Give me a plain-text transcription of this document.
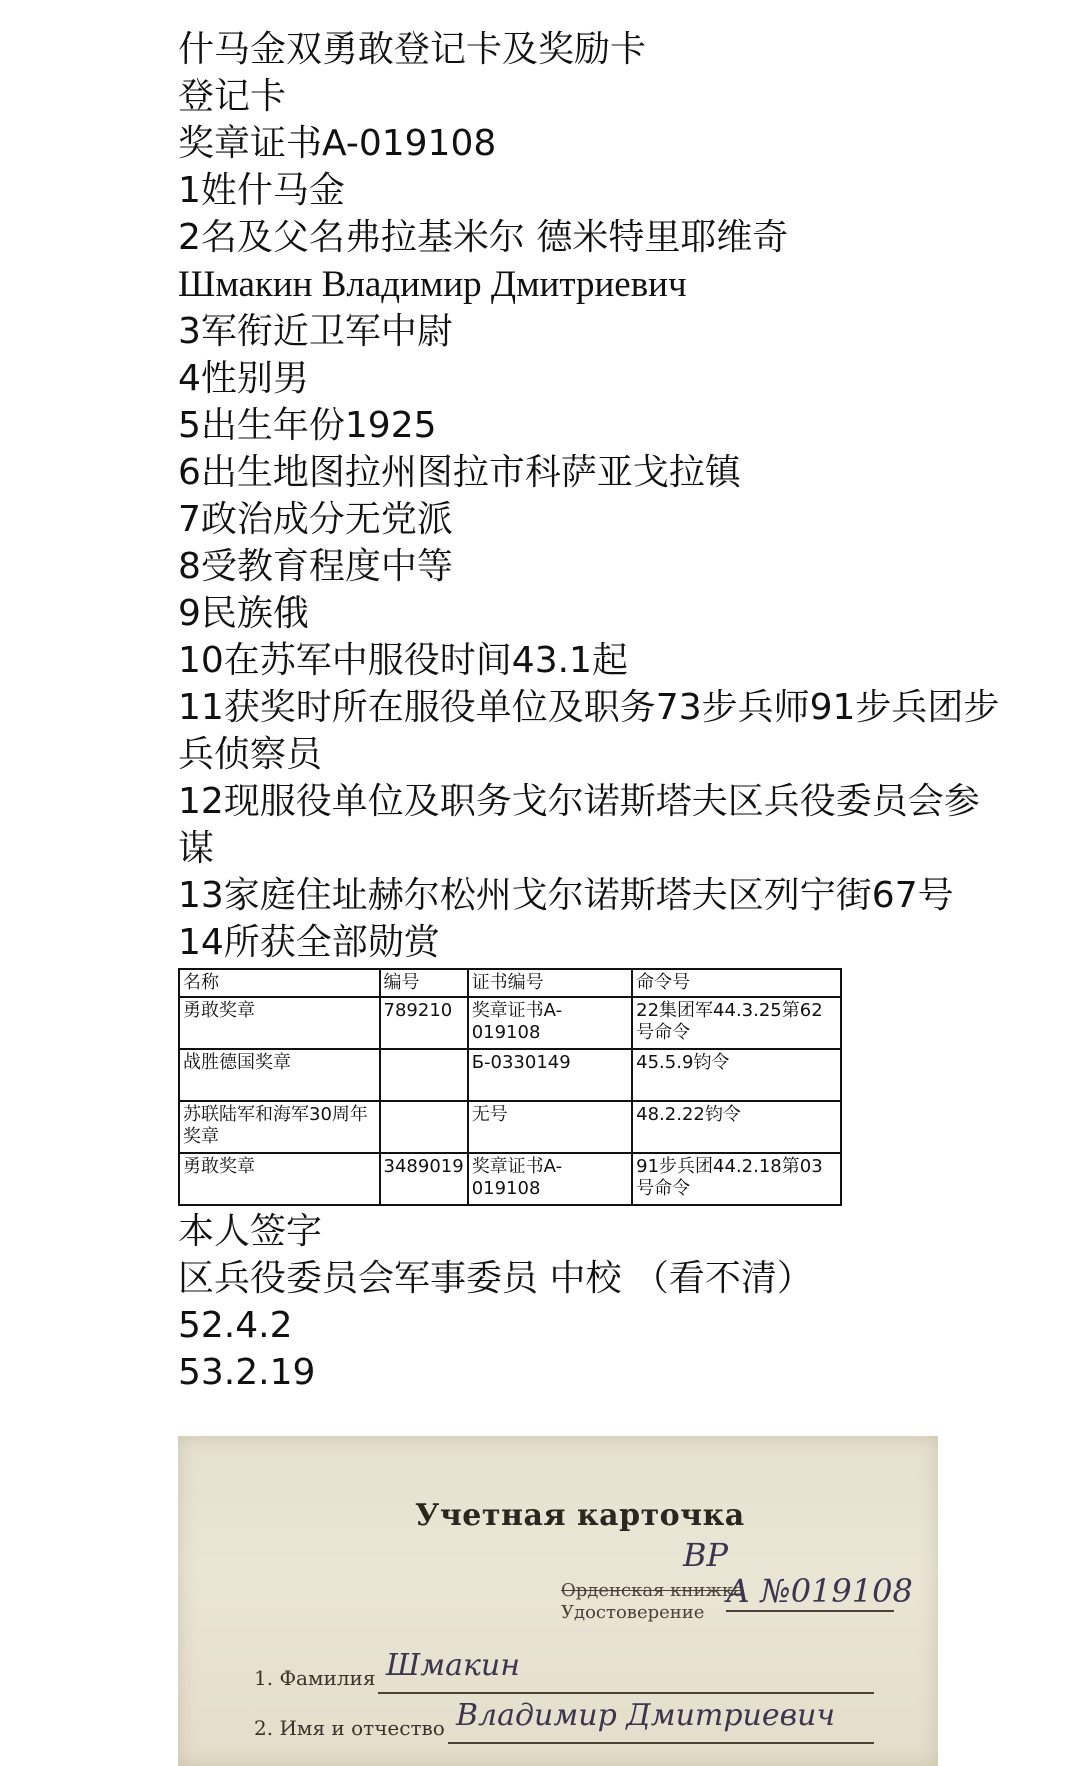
什马金双勇敢登记卡及奖励卡
登记卡
奖章证书A-019108
1姓什马金
2名及父名弗拉基米尔 德米特里耶维奇
Шмакин Владимир Дмитриевич
3军衔近卫军中尉
4性别男
5出生年份1925
6出生地图拉州图拉市科萨亚戈拉镇
7政治成分无党派
8受教育程度中等
9民族俄
10在苏军中服役时间43.1起
11获奖时所在服役单位及职务73步兵师91步兵团步兵侦察员
12现服役单位及职务戈尔诺斯塔夫区兵役委员会参谋
13家庭住址赫尔松州戈尔诺斯塔夫区列宁街67号
14所获全部勋赏
名称	编号	证书编号	命令号
勇敢奖章	789210	奖章证书A-019108	22集团军44.3.25第62号命令
战胜德国奖章		Б-0330149	45.5.9钧令
苏联陆军和海军30周年奖章		无号	48.2.22钧令
勇敢奖章	3489019	奖章证书A-019108	91步兵团44.2.18第03号命令
本人签字
区兵役委员会军事委员 中校 （看不清）
52.4.2
53.2.19
Учетная карточка
ВР
Орденская книжка
А №019108
Удостоверение
1. Фамилия Шмакин
2. Имя и отчество Владимир Дмитриевич
